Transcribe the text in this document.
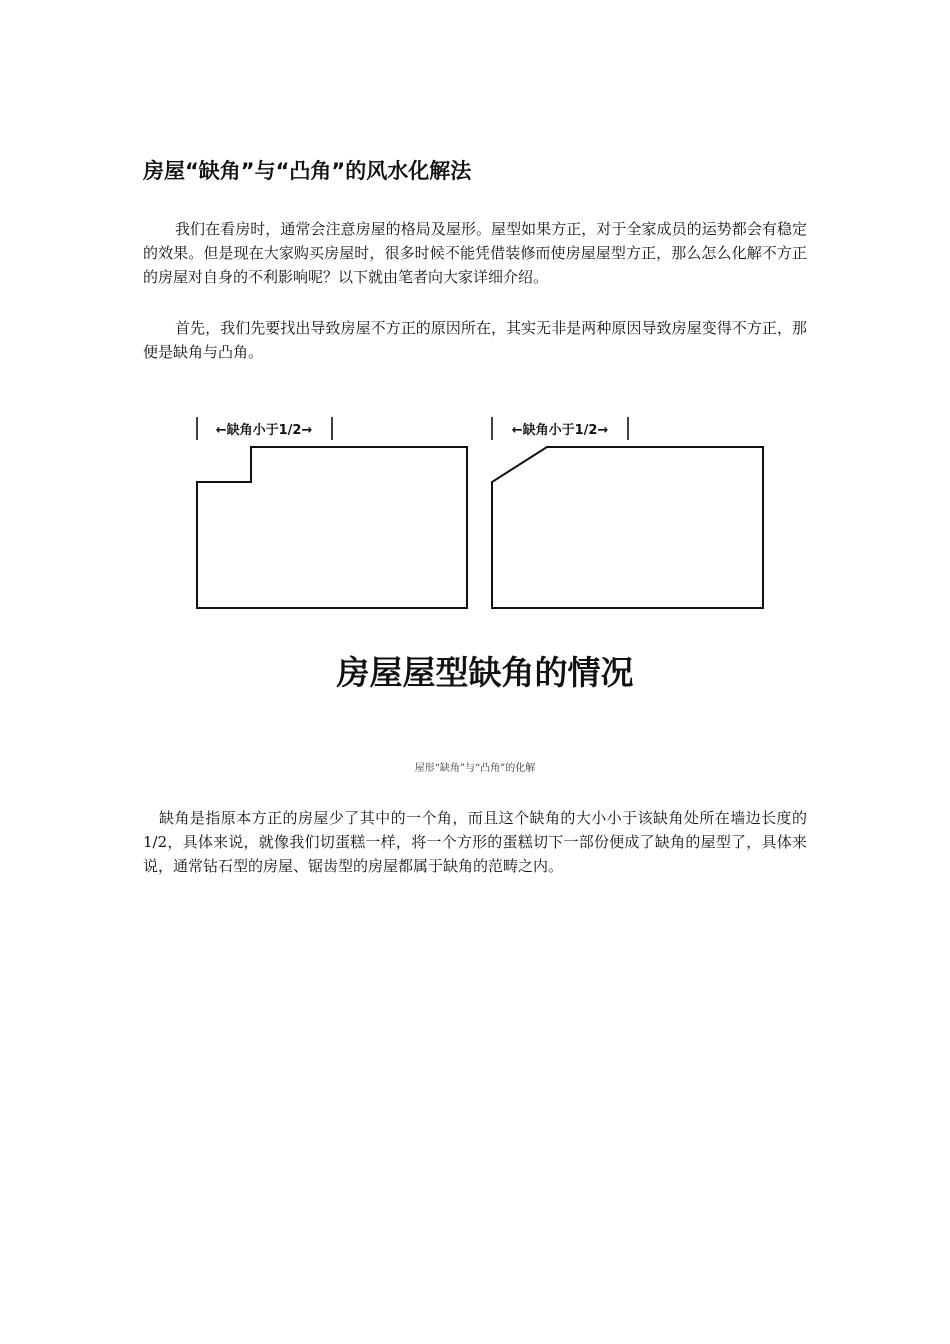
房屋“缺角”与“凸角”的风水化解法

我们在看房时，通常会注意房屋的格局及屋形。屋型如果方正，对于全家成员的运势都会有稳定的效果。但是现在大家购买房屋时，很多时候不能凭借装修而使房屋屋型方正，那么怎么化解不方正的房屋对自身的不利影响呢？以下就由笔者向大家详细介绍。

首先，我们先要找出导致房屋不方正的原因所在，其实无非是两种原因导致房屋变得不方正，那便是缺角与凸角。

←缺角小于1/2→	←缺角小于1/2→
房屋屋型缺角的情况
屋形“缺角”与“凸角”的化解

缺角是指原本方正的房屋少了其中的一个角，而且这个缺角的大小小于该缺角处所在墙边长度的1/2，具体来说，就像我们切蛋糕一样，将一个方形的蛋糕切下一部份便成了缺角的屋型了，具体来说，通常钻石型的房屋、锯齿型的房屋都属于缺角的范畴之内。
